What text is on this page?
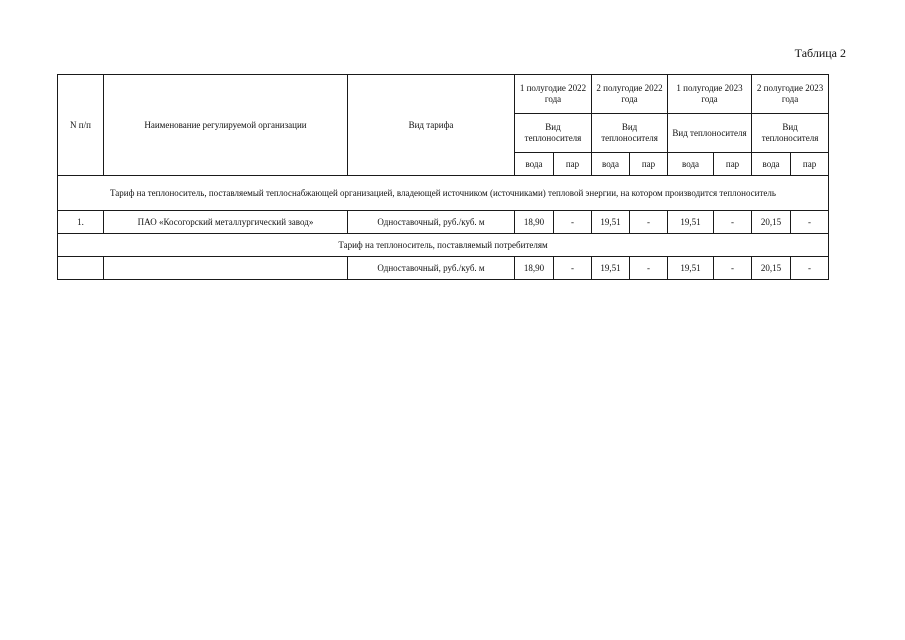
Таблица 2
N п/п	Наименование регулируемой организации	Вид тарифа	1 полугодие 2022 года		2 полугодие 2022 года		1 полугодие 2023 года		2 полугодие 2023 года	
			Вид теплоносителя		Вид теплоносителя		Вид теплоносителя		Вид теплоносителя	
			вода	пар	вода	пар	вода	пар	вода	пар
Тариф на теплоноситель, поставляемый теплоснабжающей организацией, владеющей источником (источниками) тепловой энергии, на котором производится теплоноситель										
1.	ПАО «Косогорский металлургический завод»	Одноставочный, руб./куб. м	18,90	-	19,51	-	19,51	-	20,15	-
Тариф на теплоноситель, поставляемый потребителям										
		Одноставочный, руб./куб. м	18,90	-	19,51	-	19,51	-	20,15	-
